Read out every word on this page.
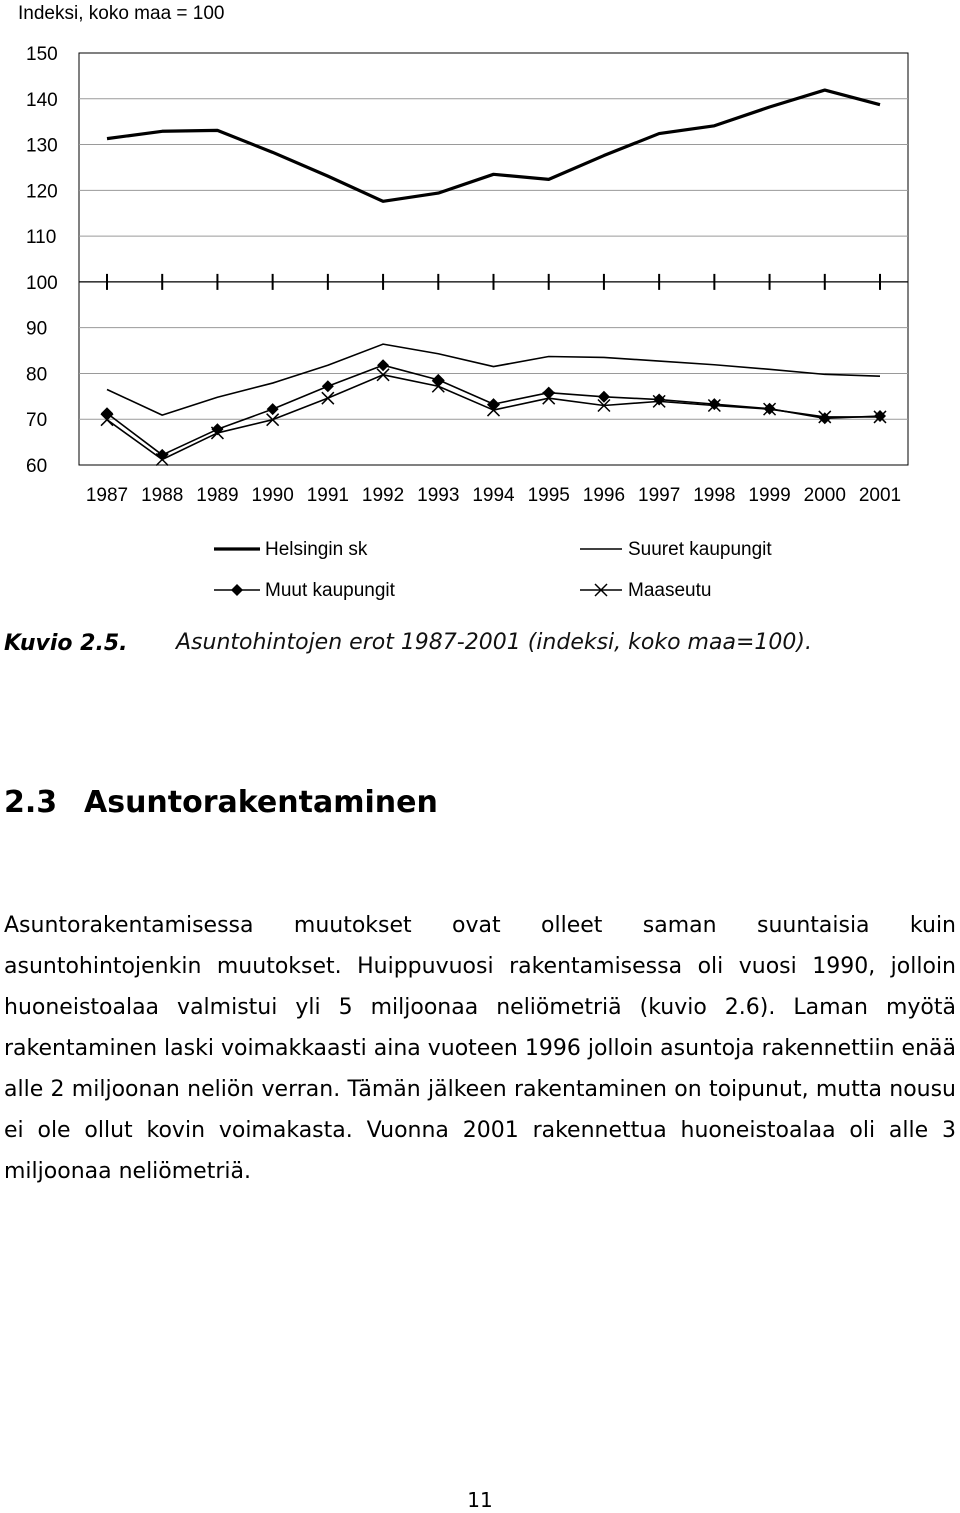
Indeksi, koko maa = 100
60
70
80
90
100
110
120
130
140
150
1987 1988 1989 1990 1991 1992 1993 1994 1995 1996 1997 1998 1999 2000 2001
Helsingin sk	Suuret kaupungit
Muut kaupungit	Maaseutu
Kuvio 2.5. Asuntohintojen erot 1987-2001 (indeksi, koko maa=100).
2.3 Asuntorakentaminen

Asuntorakentamisessa muutokset ovat olleet saman suuntaisia kuin asuntohintojenkin muutokset. Huippuvuosi rakentamisessa oli vuosi 1990, jolloin huoneistoalaa valmistui yli 5 miljoonaa neliömetriä (kuvio 2.6). Laman myötä rakentaminen laski voimakkaasti aina vuoteen 1996 jolloin asuntoja rakennettiin enää alle 2 miljoonan neliön verran. Tämän jälkeen rakentaminen on toipunut, mutta nousu ei ole ollut kovin voimakasta. Vuonna 2001 rakennettua huoneistoalaa oli alle 3 miljoonaa neliömetriä.

11
